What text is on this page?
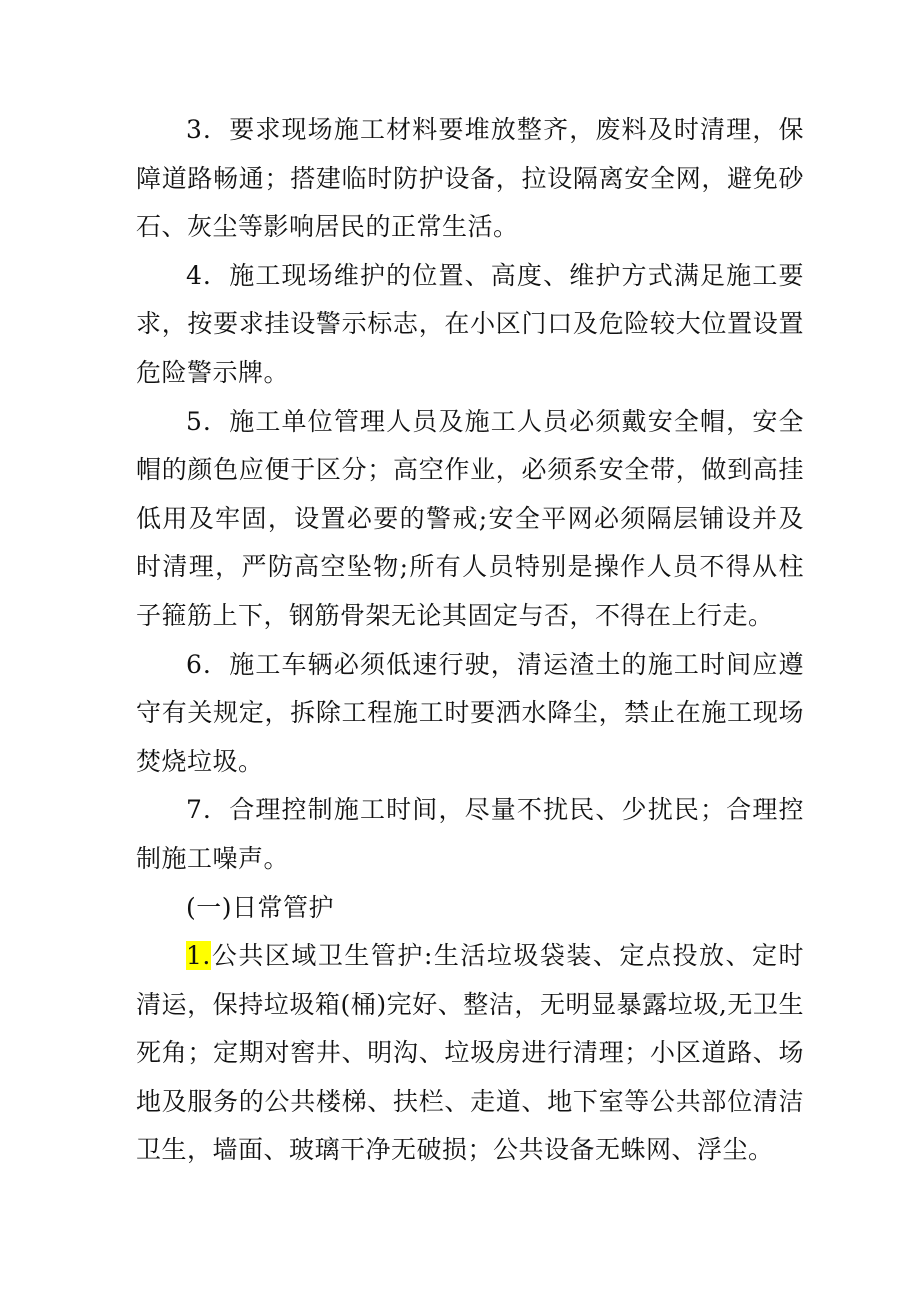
3．要求现场施工材料要堆放整齐，废料及时清理，保障道路畅通；搭建临时防护设备，拉设隔离安全网，避免砂石、灰尘等影响居民的正常生活。

4．施工现场维护的位置、高度、维护方式满足施工要求，按要求挂设警示标志，在小区门口及危险较大位置设置危险警示牌。

5．施工单位管理人员及施工人员必须戴安全帽，安全帽的颜色应便于区分；高空作业，必须系安全带，做到高挂低用及牢固，设置必要的警戒;安全平网必须隔层铺设并及时清理，严防高空坠物;所有人员特别是操作人员不得从柱子箍筋上下，钢筋骨架无论其固定与否，不得在上行走。

6．施工车辆必须低速行驶，清运渣土的施工时间应遵守有关规定，拆除工程施工时要洒水降尘，禁止在施工现场焚烧垃圾。

7．合理控制施工时间，尽量不扰民、少扰民；合理控制施工噪声。

(一)日常管护

1.公共区域卫生管护:生活垃圾袋装、定点投放、定时清运，保持垃圾箱(桶)完好、整洁，无明显暴露垃圾,无卫生死角；定期对窖井、明沟、垃圾房进行清理；小区道路、场地及服务的公共楼梯、扶栏、走道、地下室等公共部位清洁卫生，墙面、玻璃干净无破损；公共设备无蛛网、浮尘。
